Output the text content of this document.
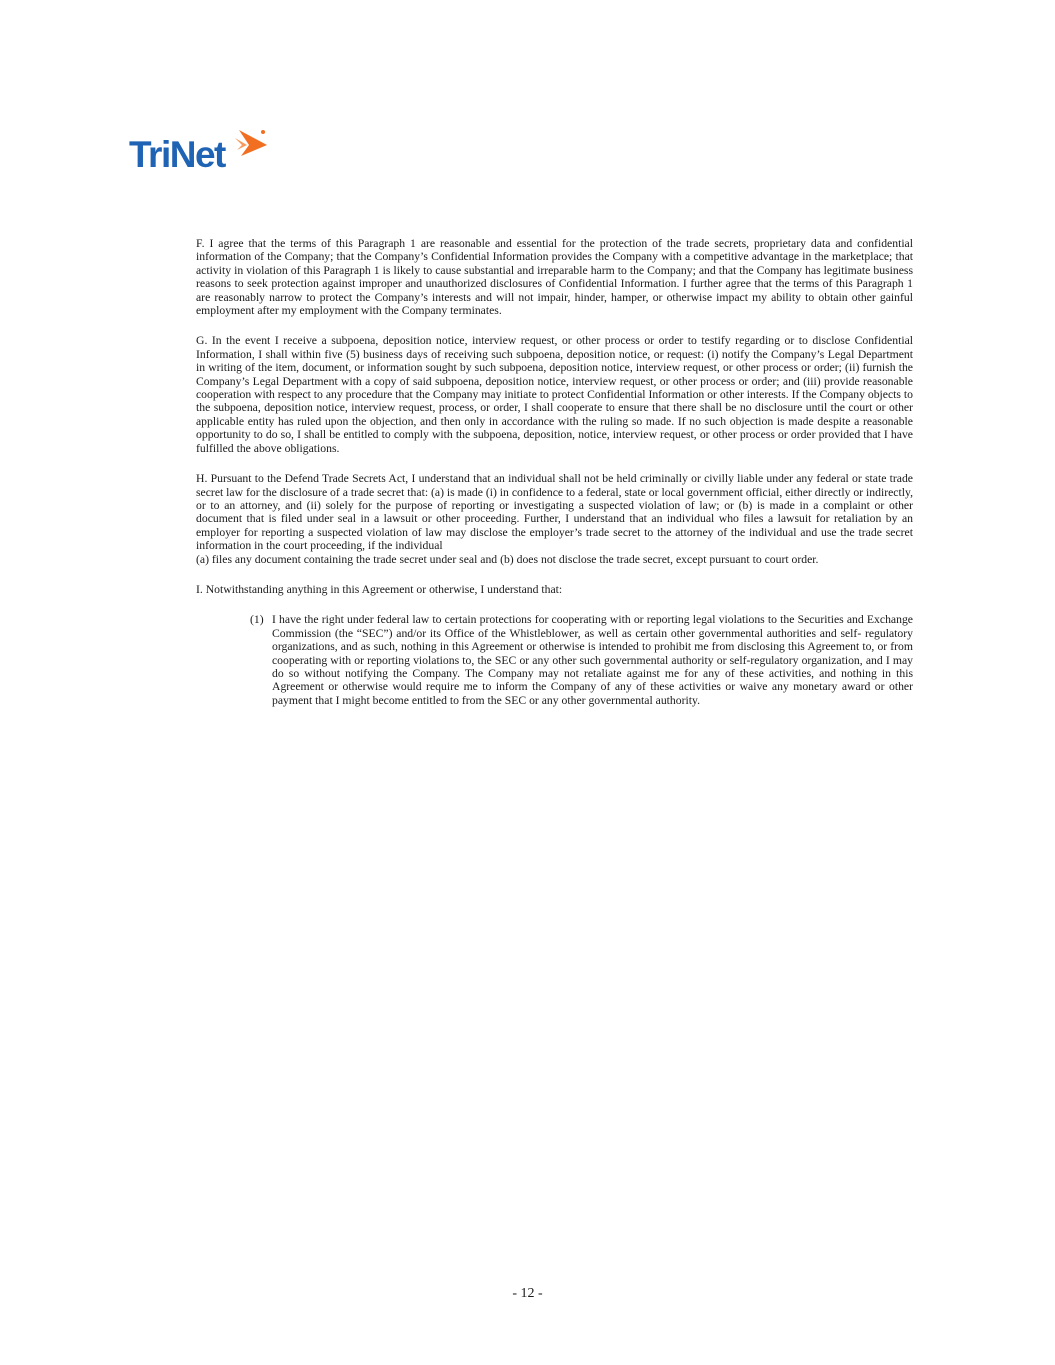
TriNet

F. I agree that the terms of this Paragraph 1 are reasonable and essential for the protection of the trade secrets, proprietary data and confidential information of the Company; that the Company’s Confidential Information provides the Company with a competitive advantage in the marketplace; that activity in violation of this Paragraph 1 is likely to cause substantial and irreparable harm to the Company; and that the Company has legitimate business reasons to seek protection against improper and unauthorized disclosures of Confidential Information. I further agree that the terms of this Paragraph 1 are reasonably narrow to protect the Company’s interests and will not impair, hinder, hamper, or otherwise impact my ability to obtain other gainful employment after my employment with the Company terminates.

G. In the event I receive a subpoena, deposition notice, interview request, or other process or order to testify regarding or to disclose Confidential Information, I shall within five (5) business days of receiving such subpoena, deposition notice, or request: (i) notify the Company’s Legal Department in writing of the item, document, or information sought by such subpoena, deposition notice, interview request, or other process or order; (ii) furnish the Company’s Legal Department with a copy of said subpoena, deposition notice, interview request, or other process or order; and (iii) provide reasonable cooperation with respect to any procedure that the Company may initiate to protect Confidential Information or other interests. If the Company objects to the subpoena, deposition notice, interview request, process, or order, I shall cooperate to ensure that there shall be no disclosure until the court or other applicable entity has ruled upon the objection, and then only in accordance with the ruling so made. If no such objection is made despite a reasonable opportunity to do so, I shall be entitled to comply with the subpoena, deposition, notice, interview request, or other process or order provided that I have fulfilled the above obligations.

H. Pursuant to the Defend Trade Secrets Act, I understand that an individual shall not be held criminally or civilly liable under any federal or state trade secret law for the disclosure of a trade secret that: (a) is made (i) in confidence to a federal, state or local government official, either directly or indirectly, or to an attorney, and (ii) solely for the purpose of reporting or investigating a suspected violation of law; or (b) is made in a complaint or other document that is filed under seal in a lawsuit or other proceeding. Further, I understand that an individual who files a lawsuit for retaliation by an employer for reporting a suspected violation of law may disclose the employer’s trade secret to the attorney of the individual and use the trade secret information in the court proceeding, if the individual

(a) files any document containing the trade secret under seal and (b) does not disclose the trade secret, except pursuant to court order.

I. Notwithstanding anything in this Agreement or otherwise, I understand that:

(1) I have the right under federal law to certain protections for cooperating with or reporting legal violations to the Securities and Exchange Commission (the “SEC”) and/or its Office of the Whistleblower, as well as certain other governmental authorities and self- regulatory organizations, and as such, nothing in this Agreement or otherwise is intended to prohibit me from disclosing this Agreement to, or from cooperating with or reporting violations to, the SEC or any other such governmental authority or self-regulatory organization, and I may do so without notifying the Company. The Company may not retaliate against me for any of these activities, and nothing in this Agreement or otherwise would require me to inform the Company of any of these activities or waive any monetary award or other payment that I might become entitled to from the SEC or any other governmental authority.
- 12 -
